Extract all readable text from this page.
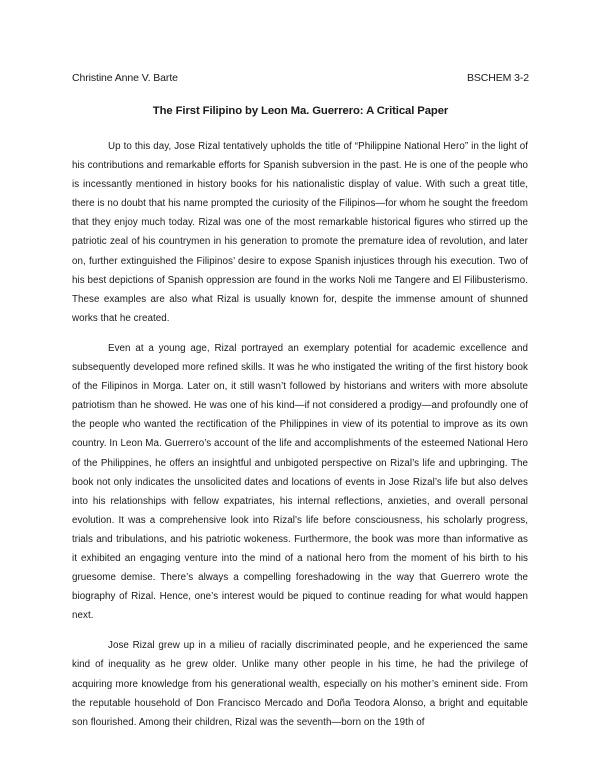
Christine Anne V. Barte	BSCHEM 3-2
The First Filipino by Leon Ma. Guerrero: A Critical Paper

Up to this day, Jose Rizal tentatively upholds the title of “Philippine National Hero” in the light of his contributions and remarkable efforts for Spanish subversion in the past. He is one of the people who is incessantly mentioned in history books for his nationalistic display of value. With such a great title, there is no doubt that his name prompted the curiosity of the Filipinos—for whom he sought the freedom that they enjoy much today. Rizal was one of the most remarkable historical figures who stirred up the patriotic zeal of his countrymen in his generation to promote the premature idea of revolution, and later on, further extinguished the Filipinos’ desire to expose Spanish injustices through his execution. Two of his best depictions of Spanish oppression are found in the works Noli me Tangere and El Filibusterismo. These examples are also what Rizal is usually known for, despite the immense amount of shunned works that he created.

Even at a young age, Rizal portrayed an exemplary potential for academic excellence and subsequently developed more refined skills. It was he who instigated the writing of the first history book of the Filipinos in Morga. Later on, it still wasn’t followed by historians and writers with more absolute patriotism than he showed. He was one of his kind—if not considered a prodigy—and profoundly one of the people who wanted the rectification of the Philippines in view of its potential to improve as its own country. In Leon Ma. Guerrero’s account of the life and accomplishments of the esteemed National Hero of the Philippines, he offers an insightful and unbigoted perspective on Rizal’s life and upbringing. The book not only indicates the unsolicited dates and locations of events in Jose Rizal’s life but also delves into his relationships with fellow expatriates, his internal reflections, anxieties, and overall personal evolution. It was a comprehensive look into Rizal’s life before consciousness, his scholarly progress, trials and tribulations, and his patriotic wokeness. Furthermore, the book was more than informative as it exhibited an engaging venture into the mind of a national hero from the moment of his birth to his gruesome demise. There’s always a compelling foreshadowing in the way that Guerrero wrote the biography of Rizal. Hence, one’s interest would be piqued to continue reading for what would happen next.

Jose Rizal grew up in a milieu of racially discriminated people, and he experienced the same kind of inequality as he grew older. Unlike many other people in his time, he had the privilege of acquiring more knowledge from his generational wealth, especially on his mother’s eminent side. From the reputable household of Don Francisco Mercado and Doña Teodora Alonso, a bright and equitable son flourished. Among their children, Rizal was the seventh—born on the 19th of
